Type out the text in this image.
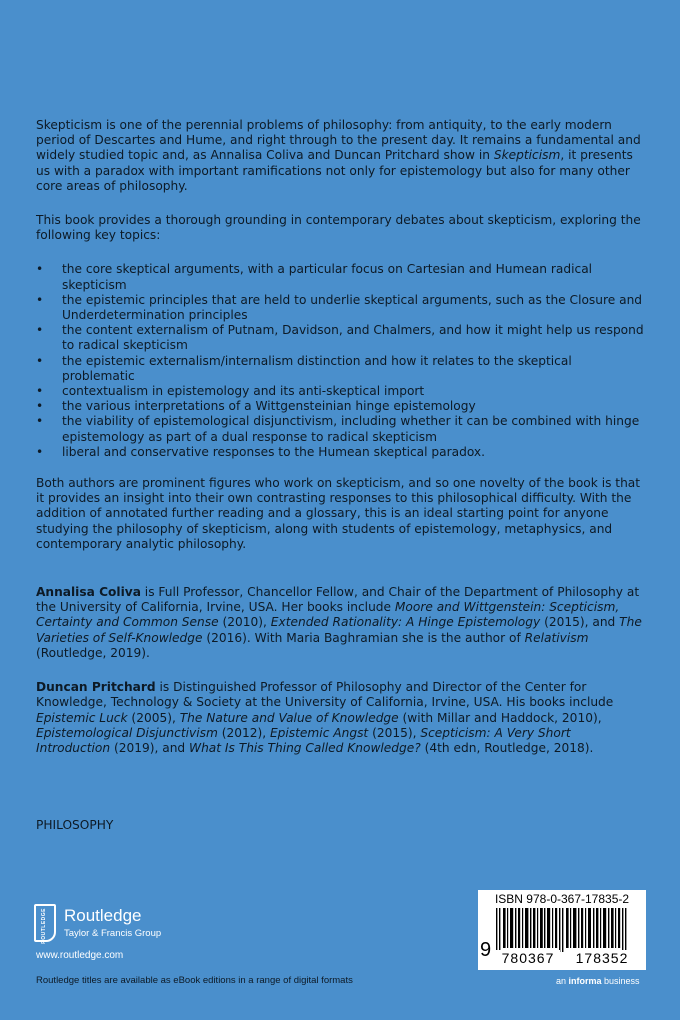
Skepticism is one of the perennial problems of philosophy: from antiquity, to the early modern period of Descartes and Hume, and right through to the present day. It remains a fundamental and widely studied topic and, as Annalisa Coliva and Duncan Pritchard show in Skepticism, it presents us with a paradox with important ramifications not only for epistemology but also for many other core areas of philosophy.

This book provides a thorough grounding in contemporary debates about skepticism, exploring the following key topics:

• the core skeptical arguments, with a particular focus on Cartesian and Humean radical skepticism
• the epistemic principles that are held to underlie skeptical arguments, such as the Closure and Underdetermination principles
• the content externalism of Putnam, Davidson, and Chalmers, and how it might help us respond to radical skepticism
• the epistemic externalism/internalism distinction and how it relates to the skeptical problematic
• contextualism in epistemology and its anti-skeptical import
• the various interpretations of a Wittgensteinian hinge epistemology
• the viability of epistemological disjunctivism, including whether it can be combined with hinge epistemology as part of a dual response to radical skepticism
• liberal and conservative responses to the Humean skeptical paradox.

Both authors are prominent figures who work on skepticism, and so one novelty of the book is that it provides an insight into their own contrasting responses to this philosophical difficulty. With the addition of annotated further reading and a glossary, this is an ideal starting point for anyone studying the philosophy of skepticism, along with students of epistemology, metaphysics, and contemporary analytic philosophy.

Annalisa Coliva is Full Professor, Chancellor Fellow, and Chair of the Department of Philosophy at the University of California, Irvine, USA. Her books include Moore and Wittgenstein: Scepticism, Certainty and Common Sense (2010), Extended Rationality: A Hinge Epistemology (2015), and The Varieties of Self-Knowledge (2016). With Maria Baghramian she is the author of Relativism (Routledge, 2019).

Duncan Pritchard is Distinguished Professor of Philosophy and Director of the Center for Knowledge, Technology & Society at the University of California, Irvine, USA. His books include Epistemic Luck (2005), The Nature and Value of Knowledge (with Millar and Haddock, 2010), Epistemological Disjunctivism (2012), Epistemic Angst (2015), Scepticism: A Very Short Introduction (2019), and What Is This Thing Called Knowledge? (4th edn, Routledge, 2018).

PHILOSOPHY
ROUTLEDGE Routledge
Taylor & Francis Group
www.routledge.com
Routledge titles are available as eBook editions in a range of digital formats	an informa business
ISBN 978-0-367-17835-2
9 780367	178352
